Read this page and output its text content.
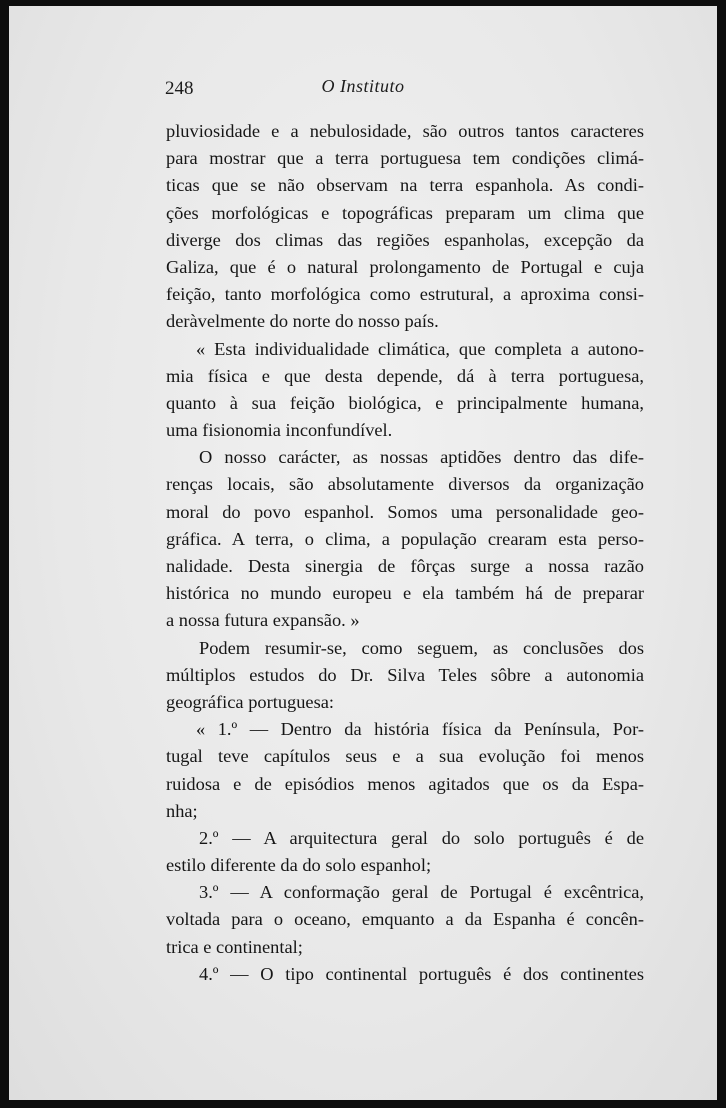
248	O Instituto
pluviosidade e a nebulosidade, são outros tantos caracteres
para mostrar que a terra portuguesa tem condições climá-
ticas que se não observam na terra espanhola. As condi-
ções morfológicas e topográficas preparam um clima que
diverge dos climas das regiões espanholas, excepção da
Galiza, que é o natural prolongamento de Portugal e cuja
feição, tanto morfológica como estrutural, a aproxima consi-
deràvelmente do norte do nosso país.
« Esta individualidade climática, que completa a autono-
mia física e que desta depende, dá à terra portuguesa,
quanto à sua feição biológica, e principalmente humana,
uma fisionomia inconfundível.
O nosso carácter, as nossas aptidões dentro das dife-
renças locais, são absolutamente diversos da organização
moral do povo espanhol. Somos uma personalidade geo-
gráfica. A terra, o clima, a população crearam esta perso-
nalidade. Desta sinergia de fôrças surge a nossa razão
histórica no mundo europeu e ela também há de preparar
a nossa futura expansão. »
Podem resumir-se, como seguem, as conclusões dos
múltiplos estudos do Dr. Silva Teles sôbre a autonomia
geográfica portuguesa:
« 1.º — Dentro da história física da Península, Por-
tugal teve capítulos seus e a sua evolução foi menos
ruidosa e de episódios menos agitados que os da Espa-
nha;
2.º — A arquitectura geral do solo português é de
estilo diferente da do solo espanhol;
3.º — A conformação geral de Portugal é excêntrica,
voltada para o oceano, emquanto a da Espanha é concên-
trica e continental;
4.º — O tipo continental português é dos continentes
